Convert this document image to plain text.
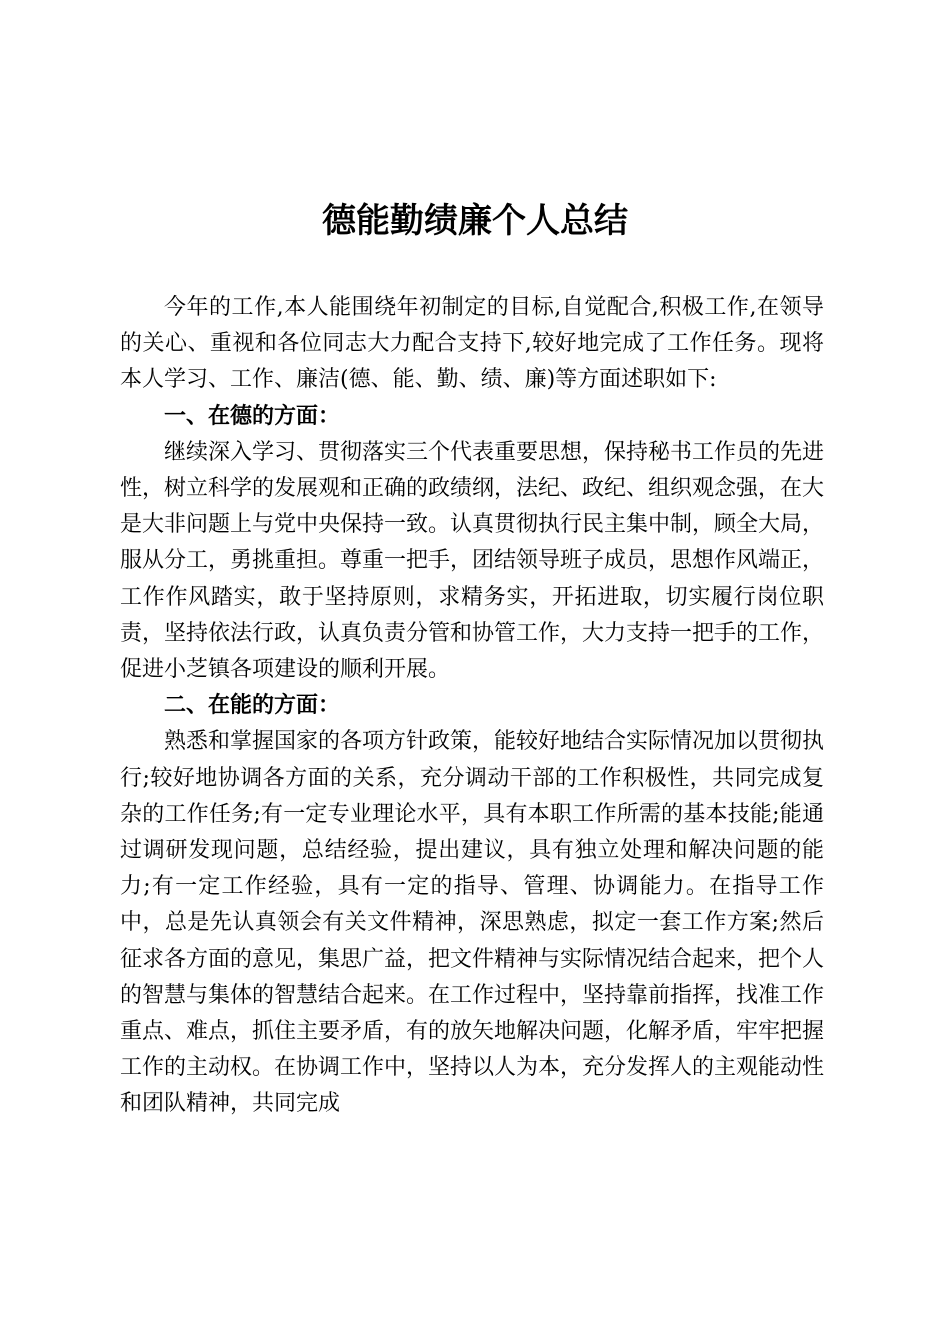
德能勤绩廉个人总结

今年的工作,本人能围绕年初制定的目标,自觉配合,积极工作,在领导的关心、重视和各位同志大力配合支持下,较好地完成了工作任务。现将本人学习、工作、廉洁(德、能、勤、绩、廉)等方面述职如下:

一、在德的方面：

继续深入学习、贯彻落实三个代表重要思想，保持秘书工作员的先进性，树立科学的发展观和正确的政绩纲，法纪、政纪、组织观念强，在大是大非问题上与党中央保持一致。认真贯彻执行民主集中制，顾全大局，服从分工，勇挑重担。尊重一把手，团结领导班子成员，思想作风端正，工作作风踏实，敢于坚持原则，求精务实，开拓进取，切实履行岗位职责，坚持依法行政，认真负责分管和协管工作，大力支持一把手的工作，促进小芝镇各项建设的顺利开展。

二、在能的方面：

熟悉和掌握国家的各项方针政策，能较好地结合实际情况加以贯彻执行;较好地协调各方面的关系，充分调动干部的工作积极性，共同完成复杂的工作任务;有一定专业理论水平，具有本职工作所需的基本技能;能通过调研发现问题，总结经验，提出建议，具有独立处理和解决问题的能力;有一定工作经验，具有一定的指导、管理、协调能力。在指导工作中，总是先认真领会有关文件精神，深思熟虑，拟定一套工作方案;然后征求各方面的意见，集思广益，把文件精神与实际情况结合起来，把个人的智慧与集体的智慧结合起来。在工作过程中，坚持靠前指挥，找准工作重点、难点，抓住主要矛盾，有的放矢地解决问题，化解矛盾，牢牢把握工作的主动权。在协调工作中，坚持以人为本，充分发挥人的主观能动性和团队精神，共同完成
